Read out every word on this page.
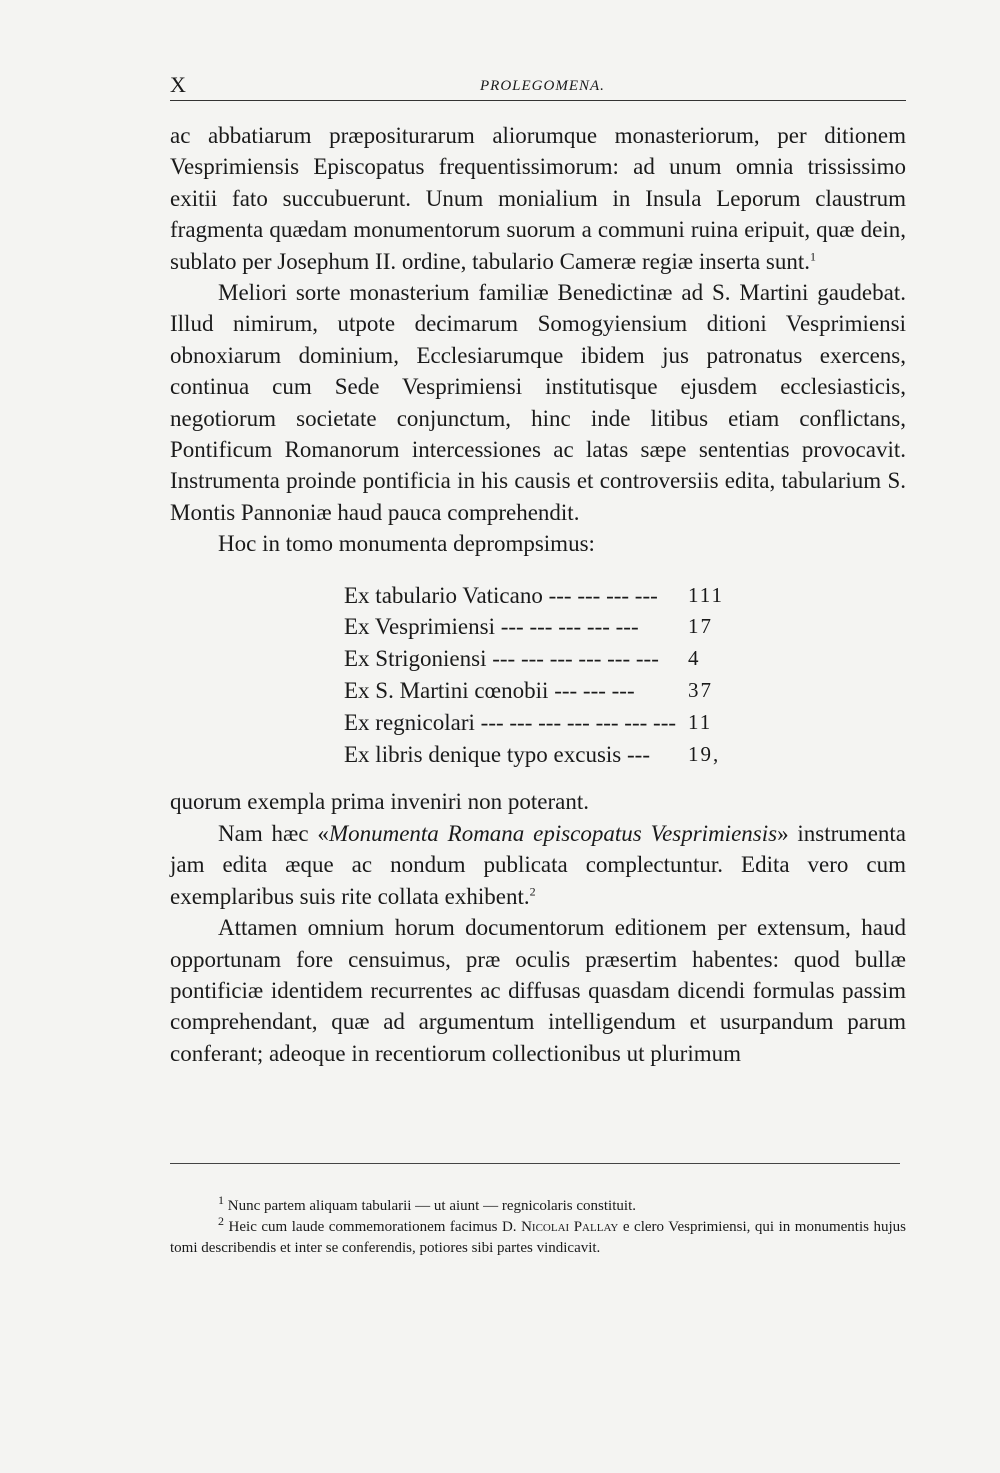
X	PROLEGOMENA.

ac abbatiarum præpositurarum aliorumque monasteriorum, per ditionem Vesprimiensis Episcopatus frequentissimorum: ad unum omnia trississimo exitii fato succubuerunt. Unum monialium in Insula Leporum claustrum fragmenta quædam monumentorum suorum a communi ruina eripuit, quæ dein, sublato per Josephum II. ordine, tabulario Cameræ regiæ inserta sunt.$^1$

Meliori sorte monasterium familiæ Benedictinæ ad S. Martini gaudebat. Illud nimirum, utpote decimarum Somogyiensium ditioni Vesprimiensi obnoxiarum dominium, Ecclesiarumque ibidem jus patronatus exercens, continua cum Sede Vesprimiensi institutisque ejusdem ecclesiasticis, negotiorum societate conjunctum, hinc inde litibus etiam conflictans, Pontificum Romanorum intercessiones ac latas sæpe sententias provocavit. Instrumenta proinde pontificia in his causis et controversiis edita, tabularium S. Montis Pannoniæ haud pauca comprehendit.

Hoc in tomo monumenta deprompsimus:

Ex tabulario Vaticano --- --- --- ---	111
Ex Vesprimiensi --- --- --- --- ---	17
Ex Strigoniensi --- --- --- --- --- ---	4
Ex S. Martini cœnobii --- --- ---	37
Ex regnicolari --- --- --- --- --- --- --- 11
Ex libris denique typo excusis ---	19,

quorum exempla prima inveniri non poterant.

Nam hæc «Monumenta Romana episcopatus Vesprimiensis» instrumenta jam edita æque ac nondum publicata complectuntur. Edita vero cum exemplaribus suis rite collata exhibent.$^2$

Attamen omnium horum documentorum editionem per extensum, haud opportunam fore censuimus, præ oculis præsertim habentes: quod bullæ pontificiæ identidem recurrentes ac diffusas quasdam dicendi formulas passim comprehendant, quæ ad argumentum intelligendum et usurpandum parum conferant; adeoque in recentiorum collectionibus ut plurimum

$^1$ Nunc partem aliquam tabularii — ut aiunt — regnicolaris constituit.

$^2$ Heic cum laude commemorationem facimus D. Nicolai Pallay e clero Vesprimiensi, qui in monumentis hujus tomi describendis et inter se conferendis, potiores sibi partes vindicavit.
